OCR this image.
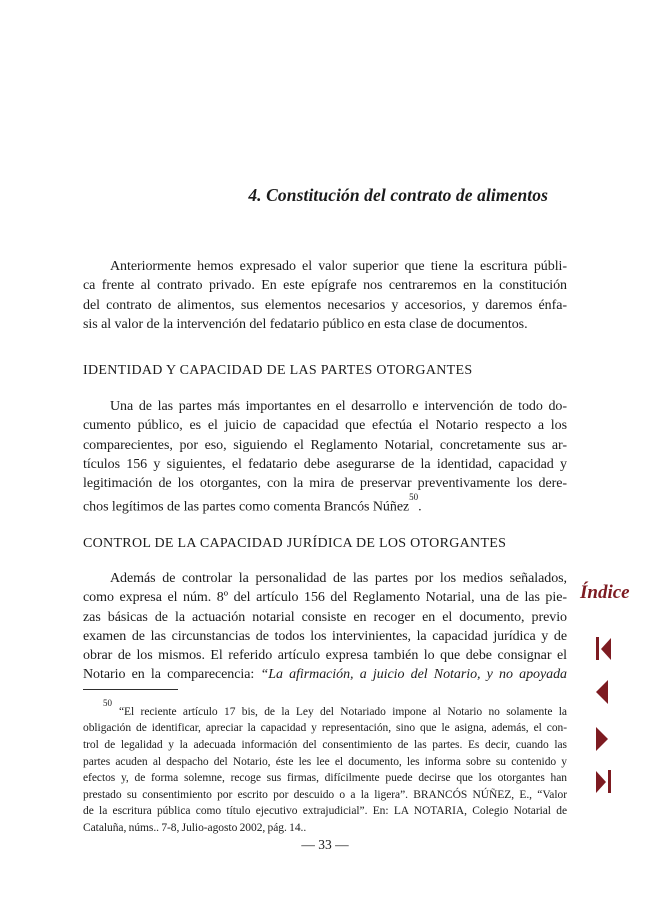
4. Constitución del contrato de alimentos
Anteriormente hemos expresado el valor superior que tiene la escritura públi-
ca frente al contrato privado. En este epígrafe nos centraremos en la constitución
del contrato de alimentos, sus elementos necesarios y accesorios, y daremos énfa-
sis al valor de la intervención del fedatario público en esta clase de documentos.
IDENTIDAD Y CAPACIDAD DE LAS PARTES OTORGANTES
Una de las partes más importantes en el desarrollo e intervención de todo do-
cumento público, es el juicio de capacidad que efectúa el Notario respecto a los
comparecientes, por eso, siguiendo el Reglamento Notarial, concretamente sus ar-
tículos 156 y siguientes, el fedatario debe asegurarse de la identidad, capacidad y
legitimación de los otorgantes, con la mira de preservar preventivamente los dere-
chos legítimos de las partes como comenta Brancós Núñez$^{50}$.
CONTROL DE LA CAPACIDAD JURÍDICA DE LOS OTORGANTES
Además de controlar la personalidad de las partes por los medios señalados,
como expresa el núm. 8º del artículo 156 del Reglamento Notarial, una de las pie-
zas básicas de la actuación notarial consiste en recoger en el documento, previo
examen de las circunstancias de todos los intervinientes, la capacidad jurídica y de
obrar de los mismos. El referido artículo expresa también lo que debe consignar el
Notario en la comparecencia: “La afirmación, a juicio del Notario, y no apoyada
$^{50}$“El reciente artículo 17 bis, de la Ley del Notariado impone al Notario no solamente la
obligación de identificar, apreciar la capacidad y representación, sino que le asigna, además, el con-
trol de legalidad y la adecuada información del consentimiento de las partes. Es decir, cuando las
partes acuden al despacho del Notario, éste les lee el documento, les informa sobre su contenido y
efectos y, de forma solemne, recoge sus firmas, difícilmente puede decirse que los otorgantes han
prestado su consentimiento por escrito por descuido o a la ligera”. BRANCÓS NÚÑEZ, E., “Valor
de la escritura pública como título ejecutivo extrajudicial”. En: LA NOTARIA, Colegio Notarial de
Cataluña, núms.. 7-8, Julio-agosto 2002, pág. 14..
— 33 —
Índice
